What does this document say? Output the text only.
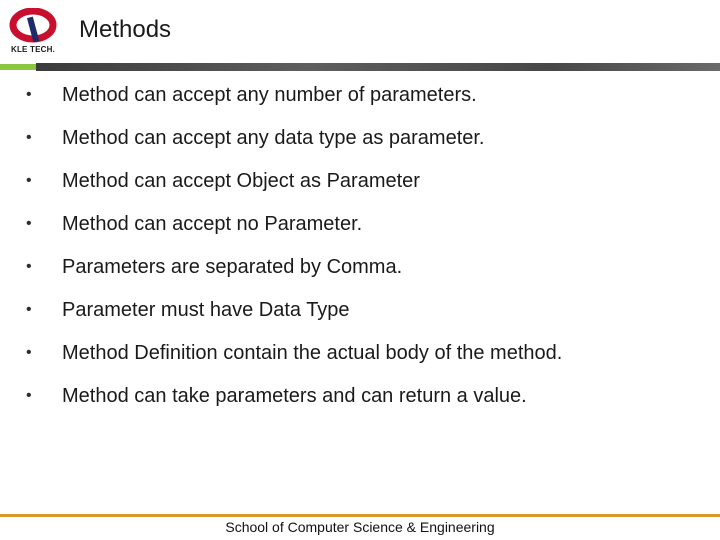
KLE TECH.
Methods
• Method can accept any number of parameters.
• Method can accept any data type as parameter.
• Method can accept Object as Parameter
• Method can accept no Parameter.
• Parameters are separated by Comma.
• Parameter must have Data Type
• Method Definition contain the actual body of the method.
• Method can take parameters and can return a value.
School of Computer Science & Engineering
